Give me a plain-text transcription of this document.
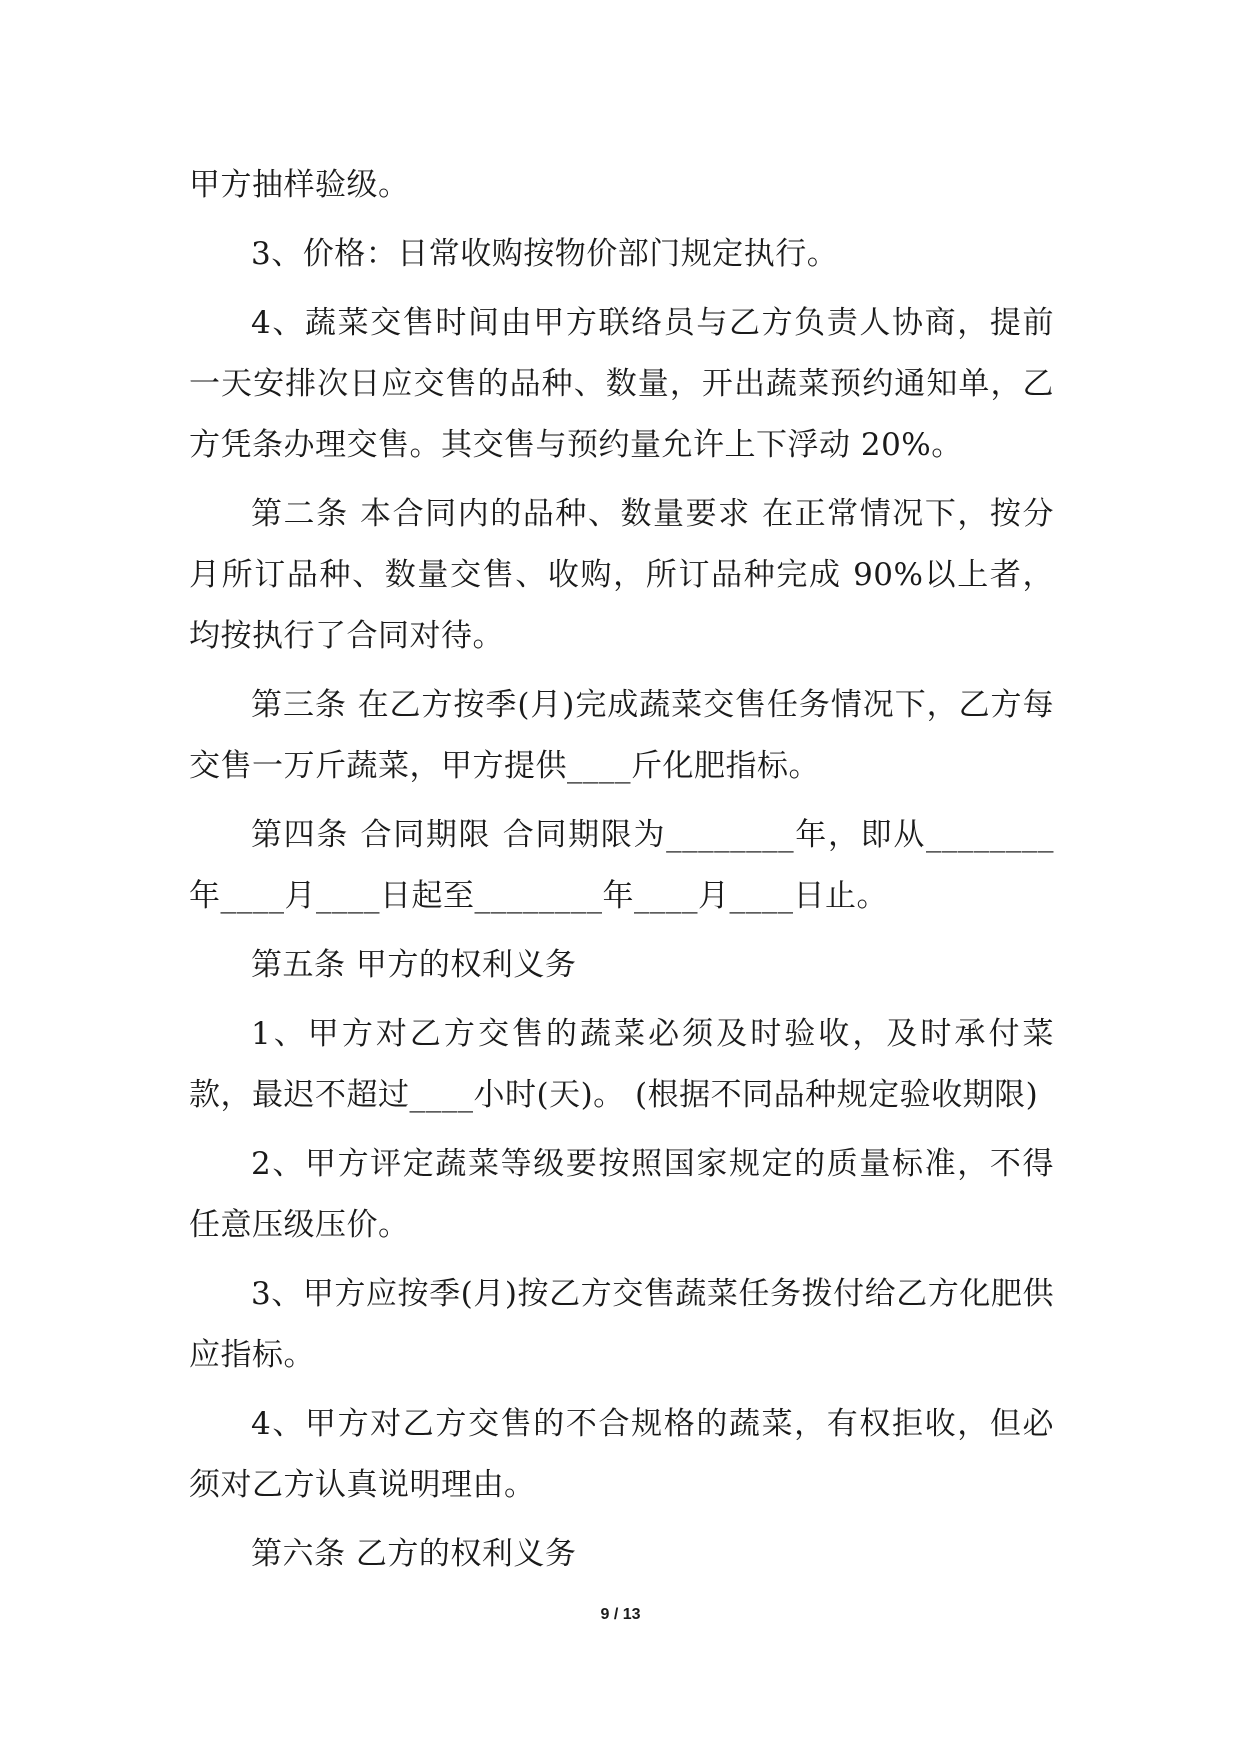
甲方抽样验级。

3、价格：日常收购按物价部门规定执行。

4、蔬菜交售时间由甲方联络员与乙方负责人协商，提前一天安排次日应交售的品种、数量，开出蔬菜预约通知单，乙方凭条办理交售。其交售与预约量允许上下浮动 20%。

第二条 本合同内的品种、数量要求 在正常情况下，按分月所订品种、数量交售、收购，所订品种完成 90%以上者，均按执行了合同对待。

第三条 在乙方按季(月)完成蔬菜交售任务情况下，乙方每交售一万斤蔬菜，甲方提供____斤化肥指标。

第四条 合同期限 合同期限为________年，即从________年____月____日起至________年____月____日止。

第五条 甲方的权利义务

1、甲方对乙方交售的蔬菜必须及时验收，及时承付菜款，最迟不超过____小时(天)。 (根据不同品种规定验收期限)

2、甲方评定蔬菜等级要按照国家规定的质量标准，不得任意压级压价。

3、甲方应按季(月)按乙方交售蔬菜任务拨付给乙方化肥供应指标。

4、甲方对乙方交售的不合规格的蔬菜，有权拒收，但必须对乙方认真说明理由。

第六条 乙方的权利义务

9 / 13
